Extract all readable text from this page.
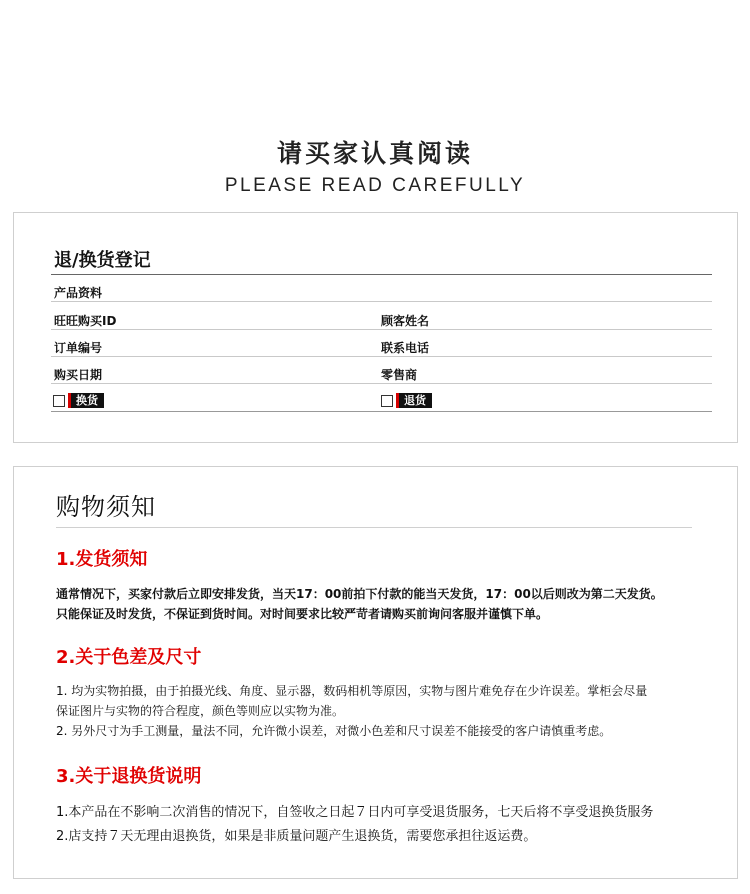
请买家认真阅读
PLEASE READ CAREFULLY
退/换货登记
产品资料
旺旺购买ID	顾客姓名
订单编号	联系电话
购买日期	零售商
换货	退货
购物须知
1.发货须知

通常情况下，买家付款后立即安排发货，当天17：00前拍下付款的能当天发货，17：00以后则改为第二天发货。

只能保证及时发货，不保证到货时间。对时间要求比较严苛者请购买前询问客服并谨慎下单。

2.关于色差及尺寸

1. 均为实物拍摄，由于拍摄光线、角度、显示器，数码相机等原因，实物与图片难免存在少许误差。掌柜会尽量

保证图片与实物的符合程度，颜色等则应以实物为准。

2. 另外尺寸为手工测量，量法不同，允许微小误差，对微小色差和尺寸误差不能接受的客户请慎重考虑。

3.关于退换货说明

1.本产品在不影响二次消售的情况下，自签收之日起７日内可享受退货服务，七天后将不享受退换货服务

2.店支持７天无理由退换货，如果是非质量问题产生退换货，需要您承担往返运费。
